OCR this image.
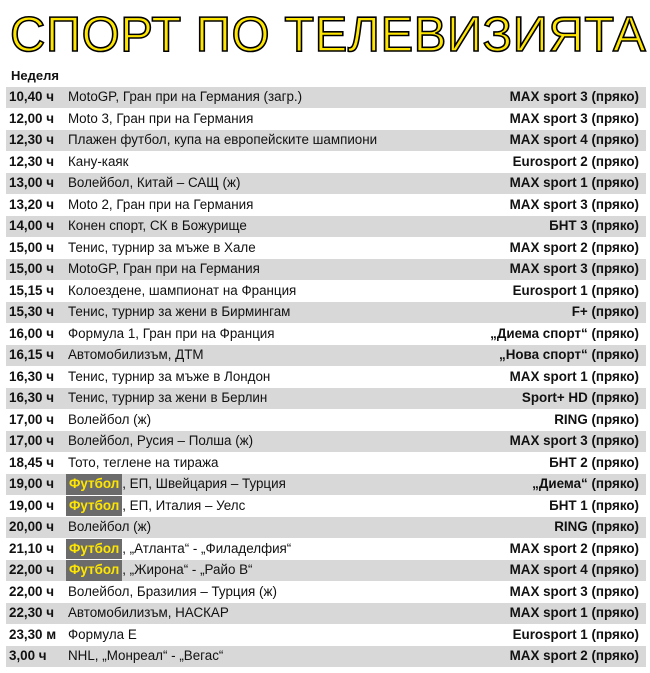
СПОРТ ПО ТЕЛЕВИЗИЯТА
Неделя
10,40 ч	MotoGP, Гран при на Германия (загр.)	MAX sport 3 (пряко)
12,00 ч	Moto 3, Гран при на Германия	MAX sport 3 (пряко)
12,30 ч	Плажен футбол, купа на европейските шампиони	MAX sport 4 (пряко)
12,30 ч	Кану-каяк	Eurosport 2 (пряко)
13,00 ч	Волейбол, Китай – САЩ (ж)	MAX sport 1 (пряко)
13,20 ч	Moto 2, Гран при на Германия	MAX sport 3 (пряко)
14,00 ч	Конен спорт, СК в Божурище	БНТ 3 (пряко)
15,00 ч	Тенис, турнир за мъже в Хале	MAX sport 2 (пряко)
15,00 ч	MotoGP, Гран при на Германия	MAX sport 3 (пряко)
15,15 ч	Колоездене, шампионат на Франция	Eurosport 1 (пряко)
15,30 ч	Тенис, турнир за жени в Бирмингам	F+ (пряко)
16,00 ч	Формула 1, Гран при на Франция	„Диема спорт“ (пряко)
16,15 ч	Автомобилизъм, ДТМ	„Нова спорт“ (пряко)
16,30 ч	Тенис, турнир за мъже в Лондон	MAX sport 1 (пряко)
16,30 ч	Тенис, турнир за жени в Берлин	Sport+ HD (пряко)
17,00 ч	Волейбол (ж)	RING (пряко)
17,00 ч	Волейбол, Русия – Полша (ж)	MAX sport 3 (пряко)
18,45 ч	Тото, теглене на тиража	БНТ 2 (пряко)
19,00 ч	Футбол , ЕП, Швейцария – Турция	„Диема“ (пряко)
19,00 ч	Футбол , ЕП, Италия – Уелс	БНТ 1 (пряко)
20,00 ч	Волейбол (ж)	RING (пряко)
21,10 ч	Футбол , „Атланта“ - „Филаделфия“	MAX sport 2 (пряко)
22,00 ч	Футбол , „Жирона“ - „Райо В“	MAX sport 4 (пряко)
22,00 ч	Волейбол, Бразилия – Турция (ж)	MAX sport 3 (пряко)
22,30 ч	Автомобилизъм, НАСКАР	MAX sport 1 (пряко)
23,30 м Формула Е	Eurosport 1 (пряко)
3,00 ч	NHL, „Монреал“ - „Вегас“	MAX sport 2 (пряко)
